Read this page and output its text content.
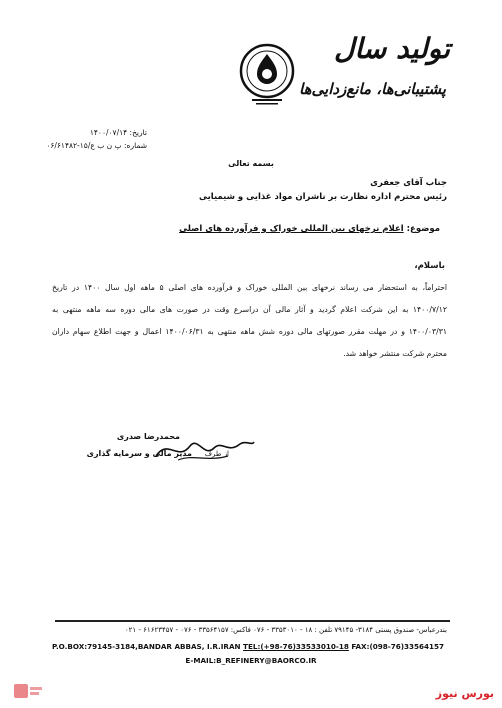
تولید سال
پشتیبانی‌ها، مانع‌زدایی‌ها
تاریخ: ۱۴۰۰/۰۷/۱۴
شماره: پ ن ب ع/۱۵-۰۶/۶۱۴۸۲
بسمه تعالی
جناب آقای جعفری
رئیس محترم اداره نظارت بر ناشران مواد غذایی و شیمیایی
موضوع: اعلام نرخهای بین المللی خوراک و فرآورده های اصلی
باسلام،
احتراماً، به استحضار می رساند نرخهای بین المللی خوراک و فرآورده های اصلی ۵ ماهه اول سال ۱۴۰۰ در تاریخ
۱۴۰۰/۷/۱۲ به این شرکت اعلام گردید و آثار مالی آن دراسرع وقت در صورت های مالی دوره سه ماهه منتهی به
۱۴۰۰/۰۳/۳۱ و در مهلت مقرر صورتهای مالی دوره شش ماهه منتهی به ۱۴۰۰/۰۶/۳۱ اعمال و جهت اطلاع سهام داران
محترم شرکت منتشر خواهد شد.
محمدرضا صدری
از طرف مدیر مالی و سرمایه گذاری
بندرعباس- صندوق پستی ۳۱۸۴- ۷۹۱۴۵ تلفن : ۱۸ - ۳۳۵۳۰۱۰ - ۰۷۶ فاکس: ۳۳۵۶۴۱۵۷ - ۰۷۶ - ۶۱۶۲۳۴۵۷ - ۰۲۱
P.O.BOX:79145-3184,BANDAR ABBAS, I.R.IRAN TEL:(+98-76)33533010-18 FAX:(098-76)33564157
E-MAIL:B_REFINERY@BAORCO.IR
بورس نیوز
